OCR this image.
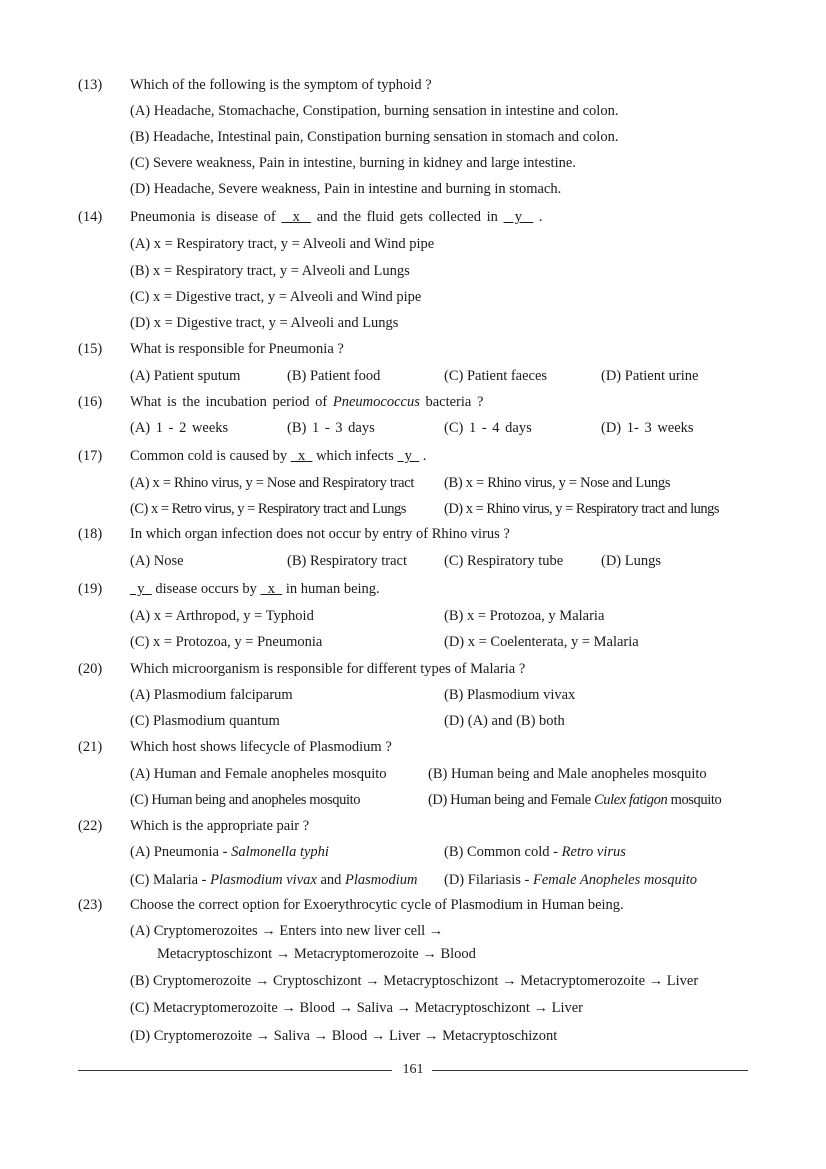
(13) Which of the following is the symptom of typhoid ?
(A) Headache, Stomachache, Constipation, burning sensation in intestine and colon.
(B) Headache, Intestinal pain, Constipation burning sensation in stomach and colon.
(C) Severe weakness, Pain in intestine, burning in kidney and large intestine.
(D) Headache, Severe weakness, Pain in intestine and burning in stomach.
(14) Pneumonia is disease of   x   and the fluid gets collected in   y   .
(A) x = Respiratory tract, y = Alveoli and Wind pipe
(B) x = Respiratory tract, y = Alveoli and Lungs
(C) x = Digestive tract, y = Alveoli and Wind pipe
(D) x = Digestive tract, y = Alveoli and Lungs
(15) What is responsible for Pneumonia ?
(A) Patient sputum	(B) Patient food	(C) Patient faeces	(D) Patient urine
(16) What is the incubation period of Pneumococcus bacteria ?
(A) 1 - 2 weeks	(B) 1 - 3 days	(C) 1 - 4 days	(D) 1- 3 weeks
(17) Common cold is caused by   x   which infects   y   .
(A) x = Rhino virus, y = Nose and Respiratory tract (B) x = Rhino virus, y = Nose and Lungs
(C) x = Retro virus, y = Respiratory tract and Lungs	(D) x = Rhino virus, y = Respiratory tract and lungs
(18) In which organ infection does not occur by entry of Rhino virus ?
(A) Nose	(B) Respiratory tract	(C) Respiratory tube	(D) Lungs
(19) y   disease occurs by   x   in human being.
(A) x = Arthropod, y = Typhoid	(B) x = Protozoa, y Malaria
(C) x = Protozoa, y = Pneumonia	(D) x = Coelenterata, y = Malaria
(20) Which microorganism is responsible for different types of Malaria ?
(A) Plasmodium falciparum	(B) Plasmodium vivax
(C) Plasmodium quantum	(D) (A) and (B) both
(21) Which host shows lifecycle of Plasmodium ?
(A) Human and Female anopheles mosquito	(B) Human being and Male anopheles mosquito
(C) Human being and anopheles mosquito	(D) Human being and Female Culex fatigon mosquito
(22) Which is the appropriate pair ?
(A) Pneumonia - Salmonella typhi	(B) Common cold - Retro virus
(C) Malaria - Plasmodium vivax and Plasmodium (D) Filariasis - Female Anopheles mosquito
(23) Choose the correct option for Exoerythrocytic cycle of Plasmodium in Human being.
(A) Cryptomerozoites → Enters into new liver cell →
Metacryptoschizont → Metacryptomerozoite → Blood
(B) Cryptomerozoite → Cryptoschizont → Metacryptoschizont → Metacryptomerozoite → Liver
(C) Metacryptomerozoite → Blood → Saliva → Metacryptoschizont → Liver
(D) Cryptomerozoite → Saliva → Blood → Liver → Metacryptoschizont
161
